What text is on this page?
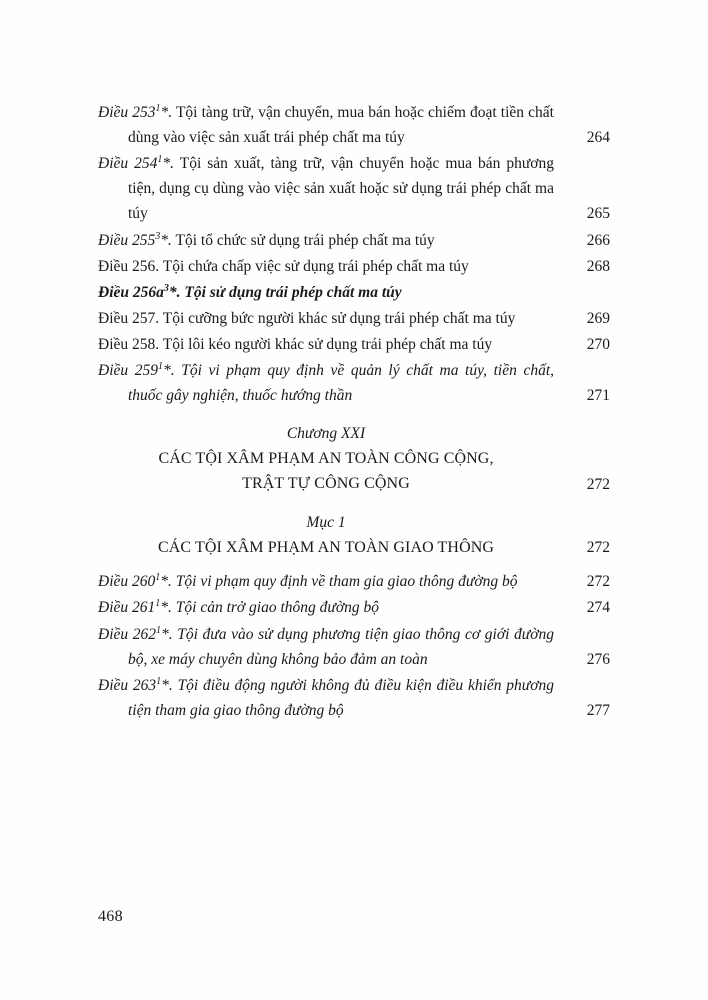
Điều $253^1*$. Tội tàng trữ, vận chuyển, mua bán hoặc chiếm đoạt tiền chất dùng vào việc sản xuất trái phép chất ma túy	264
Điều $254^1*$. Tội sản xuất, tàng trữ, vận chuyển hoặc mua bán phương tiện, dụng cụ dùng vào việc sản xuất hoặc sử dụng trái phép chất ma túy	265
Điều $255^3*$. Tội tổ chức sử dụng trái phép chất ma túy	266
Điều 256. Tội chứa chấp việc sử dụng trái phép chất ma túy	268
Điều $256a^3*$. Tội sử dụng trái phép chất ma túy
Điều 257. Tội cưỡng bức người khác sử dụng trái phép chất ma túy	269
Điều 258. Tội lôi kéo người khác sử dụng trái phép chất ma túy	270
Điều $259^1*$. Tội vi phạm quy định về quản lý chất ma túy, tiền chất, thuốc gây nghiện, thuốc hướng thần	271
Chương XXI
CÁC TỘI XÂM PHẠM AN TOÀN CÔNG CỘNG,
TRẬT TỰ CÔNG CỘNG	272
Mục 1
CÁC TỘI XÂM PHẠM AN TOÀN GIAO THÔNG	272
Điều $260^1*$. Tội vi phạm quy định về tham gia giao thông đường bộ	272
Điều $261^1*$. Tội cản trở giao thông đường bộ	274
Điều $262^1*$. Tội đưa vào sử dụng phương tiện giao thông cơ giới đường bộ, xe máy chuyên dùng không bảo đảm an toàn	276
Điều $263^1*$. Tội điều động người không đủ điều kiện điều khiển phương tiện tham gia giao thông đường bộ	277
468
